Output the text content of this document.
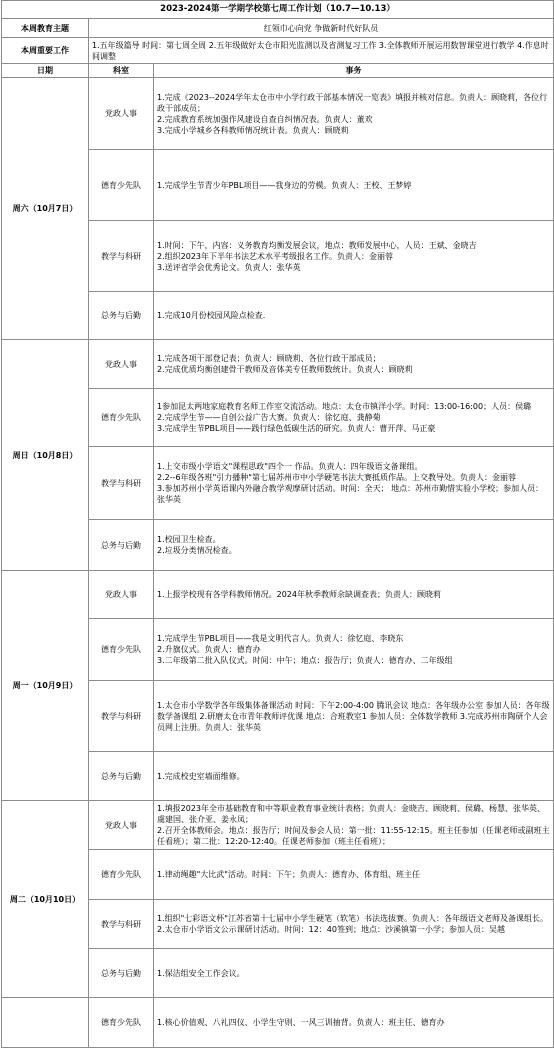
2023-2024第一学期学校第七周工作计划（10.7—10.13）		
本周教育主题	红领巾心向党 争做新时代好队员	
本周重要工作	1.五年级篇导 时间：第七周全周 2.五年级做好太仓市阳光监测以及省测复习工作 3.全体教师开展运用数智课堂进行教学 4.作息时间调整	
日期	科室	事务
周六（10月7日）	党政人事	1.完成《2023--2024学年太仓市中小学行政干部基本情况一览表》填报并核对信息。负责人：顾晓莉，各位行政干部成员；
2.完成教育系统加强作风建设自查自纠情况表。负责人：董欢
3.完成小学城乡各科教师情况统计表。负责人：顾晓莉

	德育少先队	1.完成学生节青少年PBL项目——我身边的劳模。负责人：王校、王梦婷

	教学与科研	1.时间：下午，内容：义务教育均衡发展会议，地点：教师发展中心，人员：王斌、金晓吉
2.组织2023年下半年书法艺术水平考级报名工作。负责人：金丽蓉
3.送评省学会优秀论文。负责人：张华英

	总务与后勤	1.完成10月份校园风险点检查.

周日（10月8日）	党政人事	1.完成各项干部登记表；负责人：顾晓莉、各位行政干部成员；
2.完成优质均衡创建骨干教师及音体美专任教师数统计。负责人：顾晓莉

	德育少先队	1参加昆太两地家庭教育名师工作室交流活动。地点：太仓市镇洋小学。时间：13:00-16:00；人员：侯璐
2.完成学生节——自创公益广告大赛。负责人：徐忆庭、龚静菊
3.完成学生节PBL项目——践行绿色低碳生活的研究。负责人：曹开萍、马正豪

	教学与科研	1.上交市级小学语文"课程思政"四个一 作品。负责人：四年级语文备课组。
2.2--6年级各班"引力播种"第七届苏州市中小学硬笔书法大赛抵质作品。上交教导处。负责人：金丽蓉
3.参加苏州小学英语课内外融合教学观摩研讨活动。时间：全天； 地点：苏州市勤惜实验小学校；参加人员：张华英

	总务与后勤	1.校园卫生检查。
2.垃圾分类情况检查。

周一（10月9日）	党政人事	1.上报学校现有各学科教师情况。2024年秋季教师余缺调查表；负责人：顾晓莉

	德育少先队	1.完成学生节PBL项目——我是文明代言人。负责人：徐忆庭、李晓东
2.升旗仪式。负责人：德育办
3.二年级第二批入队仪式。时间：中午；地点：报告厅；负责人：德育办、二年级组

	教学与科研	1.太仓市小学数学各年级集体备课活动 时间：下午2:00-4:00 腾讯会议 地点：各年级办公室 参加人员：各年级数学备课组 2.研磨太仓市青年教师评优课 地点：合班教室1 参加人员：全体数学教师 3.完成苏州市陶研个人会员网上注册。负责人：张华英

	总务与后勤	1.完成校史室墙面维修。

周二（10月10日）	党政人事	1.填报2023年全市基础教育和中等职业教育事业统计表格；负责人：金晓吉、顾晓莉、侯璐、杨慧、张华英、虞建国、张介亚、姜永凤；
2.召开全体教师会。地点：报告厅；时间及参会人员：第一批：11:55-12:15。班主任参加（任课老师或副班主任看班）；第二批：12:20-12:40。任课老师参加（班主任看班）；

	德育少先队	1.律动绳趣"大比武"活动。时间：下午；负责人：德育办、体育组、班主任

	教学与科研	1.组织"七彩语文杯"江苏省第十七届中小学生硬笔（软笔）书法选拔赛。负责人：各年级语文老师及备课组长。
2.太仓市小学语文公示课研讨活动。时间：12：40签到；地点：沙溪镇第一小学；参加人员：吴越

	总务与后勤	1.保洁组安全工作会议。

	德育少先队	1.核心价值观、八礼四仪、小学生守则、一风三训抽背。负责人：班主任、德育办
